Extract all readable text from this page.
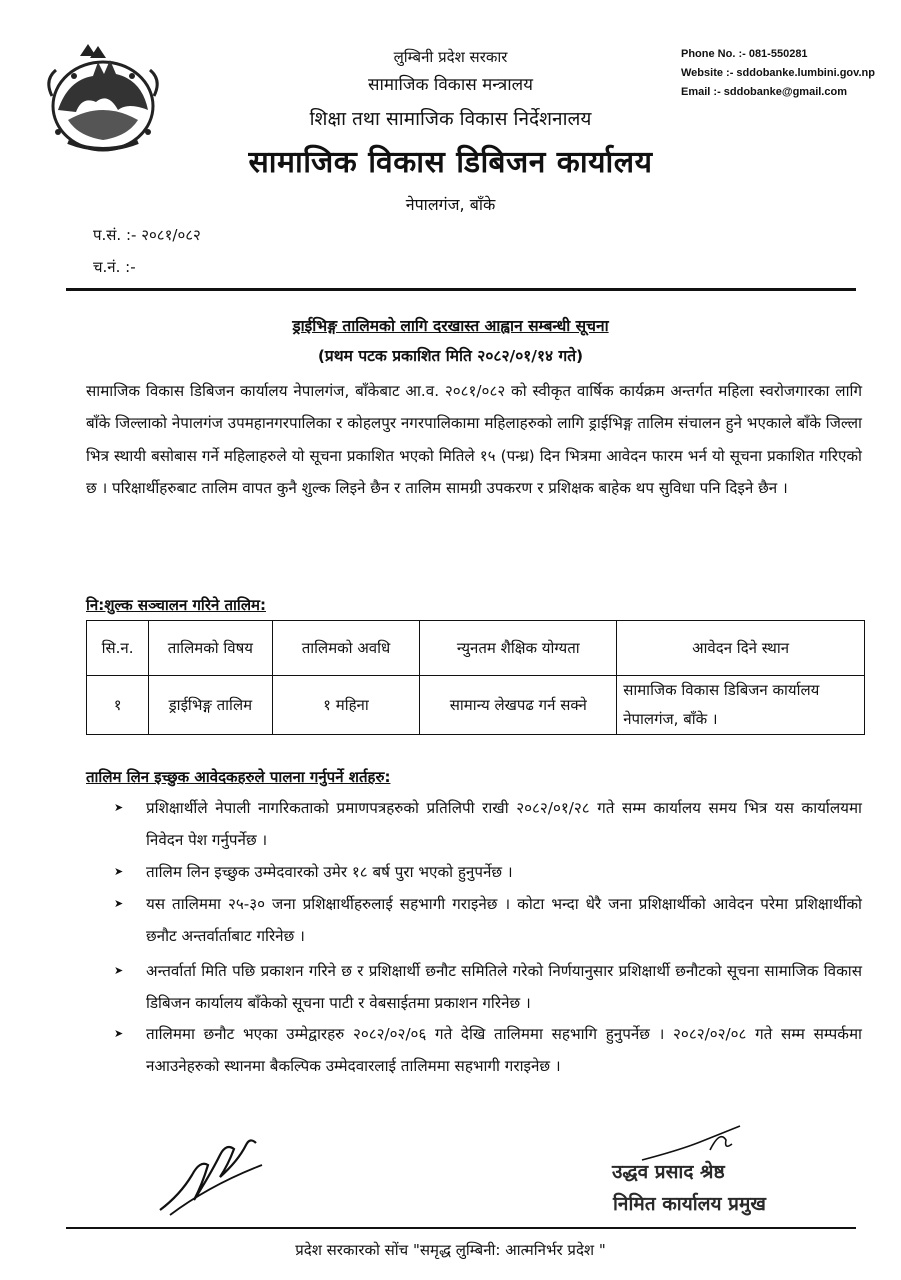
लुम्बिनी प्रदेश सरकार
सामाजिक विकास मन्त्रालय
शिक्षा तथा सामाजिक विकास निर्देशनालय
सामाजिक विकास डिबिजन कार्यालय
नेपालगंज, बाँके
Phone No. :- 081-550281
Website :- sddobanke.lumbini.gov.np
Email :- sddobanke@gmail.com
प.सं. :- २०८१/०८२
च.नं. :-
ड्राईभिङ्ग तालिमको लागि दरखास्त आह्वान सम्बन्धी सूचना
(प्रथम पटक प्रकाशित मिति २०८२/०१/१४ गते)

सामाजिक विकास डिबिजन कार्यालय नेपालगंज, बाँकेबाट आ.व. २०८१/०८२ को स्वीकृत वार्षिक कार्यक्रम अन्तर्गत महिला स्वरोजगारका लागि बाँके जिल्लाको नेपालगंज उपमहानगरपालिका र कोहलपुर नगरपालिकामा महिलाहरुको लागि ड्राईभिङ्ग तालिम संचालन हुने भएकाले बाँके जिल्ला भित्र स्थायी बसोबास गर्ने महिलाहरुले यो सूचना प्रकाशित भएको मितिले १५ (पन्ध्र) दिन भित्रमा आवेदन फारम भर्न यो सूचना प्रकाशित गरिएको छ । परिक्षार्थीहरुबाट तालिम वापत कुनै शुल्क लिइने छैन र तालिम सामग्री उपकरण र प्रशिक्षक बाहेक थप सुविधा पनि दिइने छैन ।

नि:शुल्क सञ्चालन गरिने तालिम:
सि.न.	तालिमको विषय	तालिमको अवधि	न्युनतम शैक्षिक योग्यता	आवेदन दिने स्थान
१	ड्राईभिङ्ग तालिम	१ महिना	सामान्य लेखपढ गर्न सक्ने	सामाजिक विकास डिबिजन कार्यालय नेपालगंज, बाँके ।
तालिम लिन इच्छुक आवेदकहरुले पालना गर्नुपर्ने शर्तहरु:
➤ प्रशिक्षार्थीले नेपाली नागरिकताको प्रमाणपत्रहरुको प्रतिलिपी राखी २०८२/०१/२८ गते सम्म कार्यालय समय भित्र यस कार्यालयमा निवेदन पेश गर्नुपर्नेछ ।
➤ तालिम लिन इच्छुक उम्मेदवारको उमेर १८ बर्ष पुरा भएको हुनुपर्नेछ ।
➤ यस तालिममा २५-३० जना प्रशिक्षार्थीहरुलाई सहभागी गराइनेछ । कोटा भन्दा धेरै जना प्रशिक्षार्थीको आवेदन परेमा प्रशिक्षार्थीको छनौट अन्तर्वार्ताबाट गरिनेछ ।
➤ अन्तर्वार्ता मिति पछि प्रकाशन गरिने छ र प्रशिक्षार्थी छनौट समितिले गरेको निर्णयानुसार प्रशिक्षार्थी छनौटको सूचना सामाजिक विकास डिबिजन कार्यालय बाँकेको सूचना पाटी र वेबसाईतमा प्रकाशन गरिनेछ ।
➤ तालिममा छनौट भएका उम्मेद्वारहरु २०८२/०२/०६ गते देखि तालिममा सहभागि हुनुपर्नेछ । २०८२/०२/०८ गते सम्म सम्पर्कमा नआउनेहरुको स्थानमा बैकल्पिक उम्मेदवारलाई तालिममा सहभागी गराइनेछ ।
उद्धव प्रसाद श्रेष्ठ
निमित कार्यालय प्रमुख
प्रदेश सरकारको सोंच "समृद्ध लुम्बिनी: आत्मनिर्भर प्रदेश "
